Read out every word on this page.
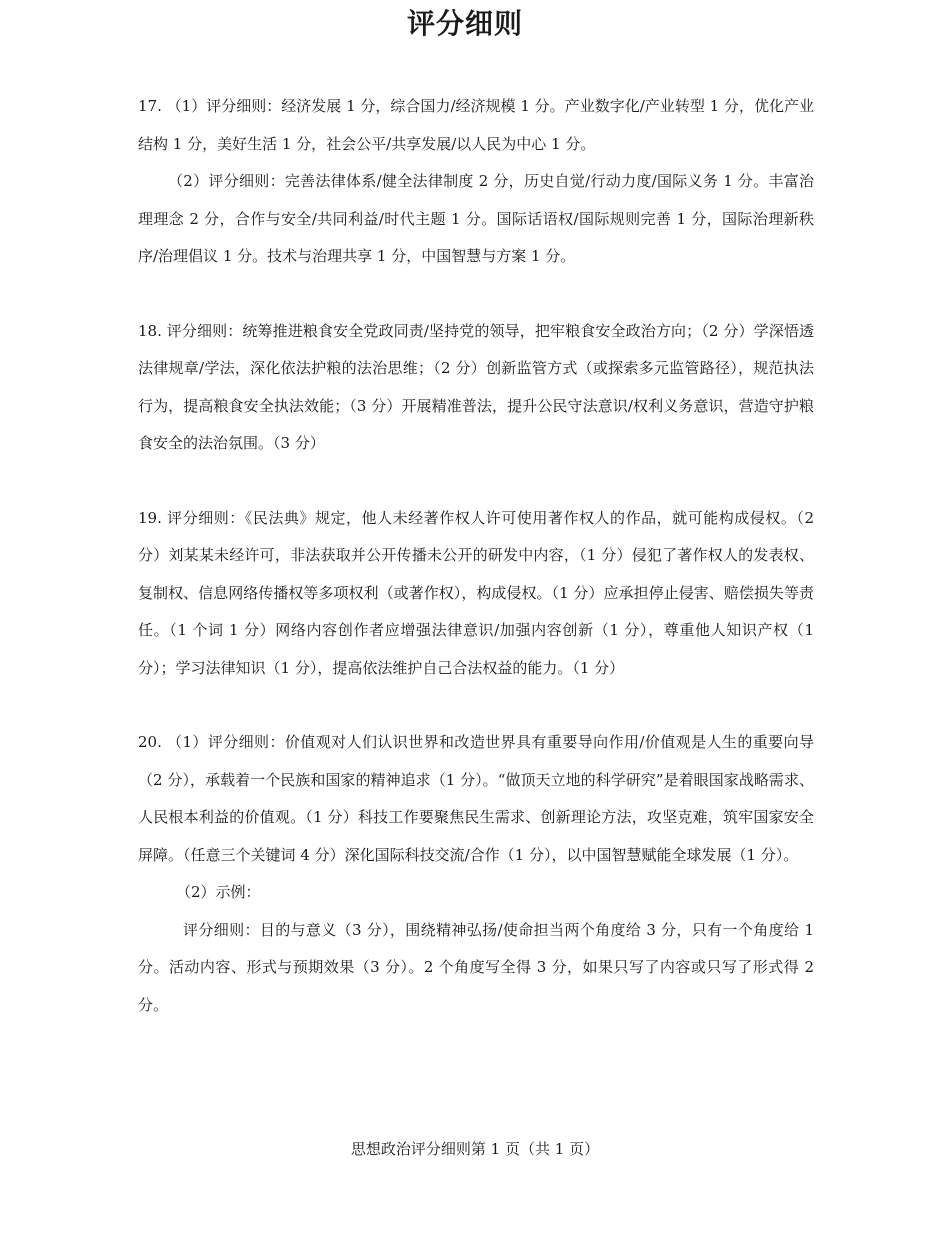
评分细则

17. （1）评分细则：经济发展 1 分，综合国力/经济规模 1 分。产业数字化/产业转型 1 分，优化产业结构 1 分，美好生活 1 分，社会公平/共享发展/以人民为中心 1 分。

（2）评分细则：完善法律体系/健全法律制度 2 分，历史自觉/行动力度/国际义务 1 分。丰富治理理念 2 分，合作与安全/共同利益/时代主题 1 分。国际话语权/国际规则完善 1 分，国际治理新秩序/治理倡议 1 分。技术与治理共享 1 分，中国智慧与方案 1 分。

18. 评分细则：统筹推进粮食安全党政同责/坚持党的领导，把牢粮食安全政治方向；（2 分）学深悟透法律规章/学法，深化依法护粮的法治思维；（2 分）创新监管方式（或探索多元监管路径），规范执法行为，提高粮食安全执法效能；（3 分）开展精准普法，提升公民守法意识/权利义务意识，营造守护粮食安全的法治氛围。（3 分）

19. 评分细则：《民法典》规定，他人未经著作权人许可使用著作权人的作品，就可能构成侵权。（2 分）刘某某未经许可，非法获取并公开传播未公开的研发中内容，（1 分）侵犯了著作权人的发表权、复制权、信息网络传播权等多项权利（或著作权），构成侵权。（1 分）应承担停止侵害、赔偿损失等责任。（1 个词 1 分）网络内容创作者应增强法律意识/加强内容创新（1 分），尊重他人知识产权（1 分）；学习法律知识（1 分），提高依法维护自己合法权益的能力。（1 分）

20. （1）评分细则：价值观对人们认识世界和改造世界具有重要导向作用/价值观是人生的重要向导（2 分），承载着一个民族和国家的精神追求（1 分）。“做顶天立地的科学研究”是着眼国家战略需求、人民根本利益的价值观。（1 分）科技工作要聚焦民生需求、创新理论方法，攻坚克难，筑牢国家安全屏障。（任意三个关键词 4 分）深化国际科技交流/合作（1 分），以中国智慧赋能全球发展（1 分）。

（2）示例：

评分细则：目的与意义（3 分），围绕精神弘扬/使命担当两个角度给 3 分，只有一个角度给 1 分。活动内容、形式与预期效果（3 分）。2 个角度写全得 3 分，如果只写了内容或只写了形式得 2 分。

思想政治评分细则第 1 页（共 1 页）
